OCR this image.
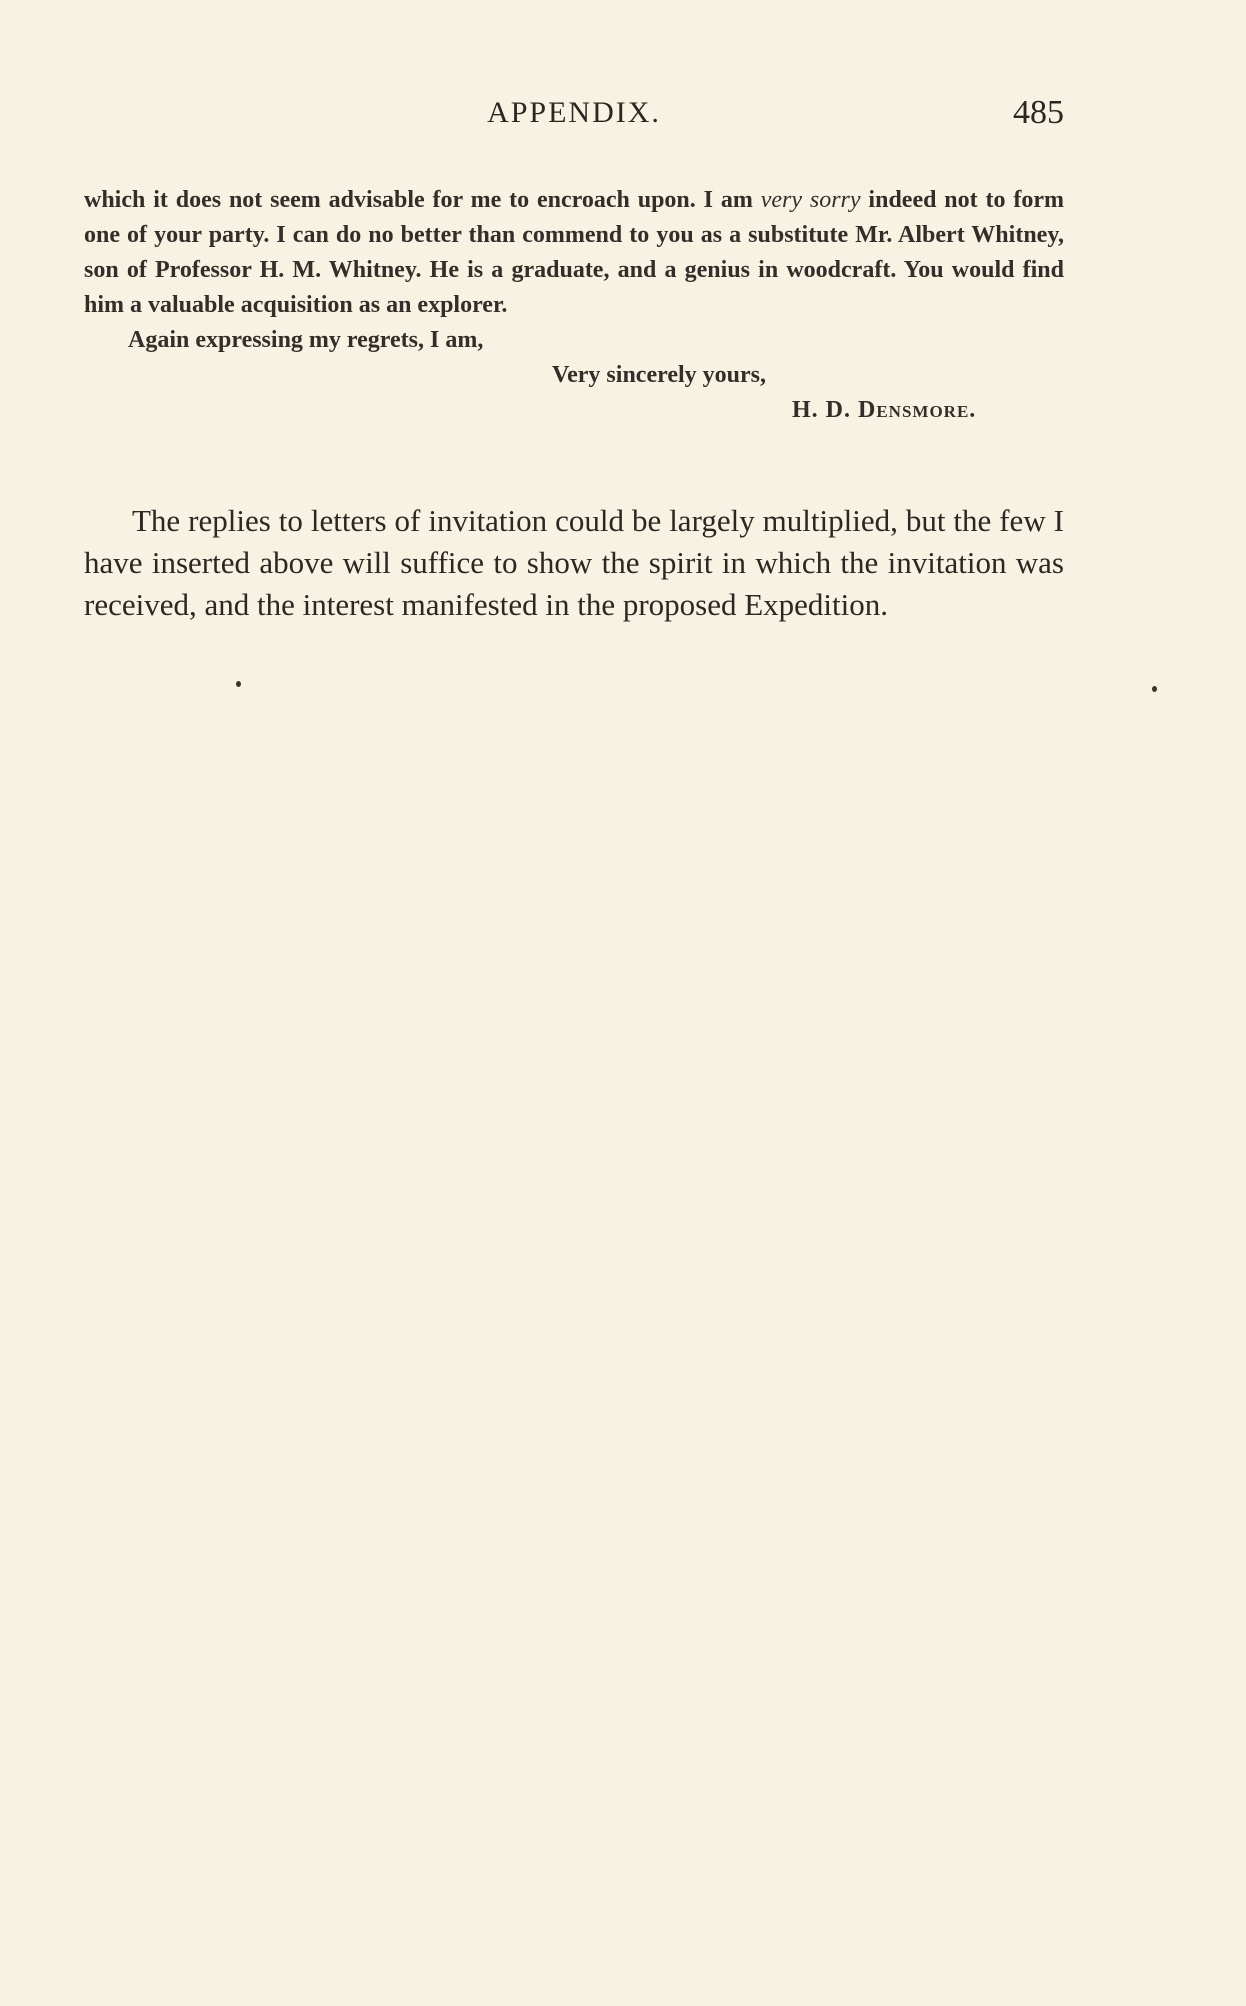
APPENDIX.	485

which it does not seem advisable for me to encroach upon. I am very sorry indeed not to form one of your party. I can do no better than commend to you as a substitute Mr. Albert Whitney, son of Professor H. M. Whitney. He is a graduate, and a genius in woodcraft. You would find him a valuable acquisition as an explorer.

Again expressing my regrets, I am,

Very sincerely yours,

H. D. Densmore.

The replies to letters of invitation could be largely multiplied, but the few I have inserted above will suffice to show the spirit in which the invitation was received, and the interest manifested in the proposed Expedition.
